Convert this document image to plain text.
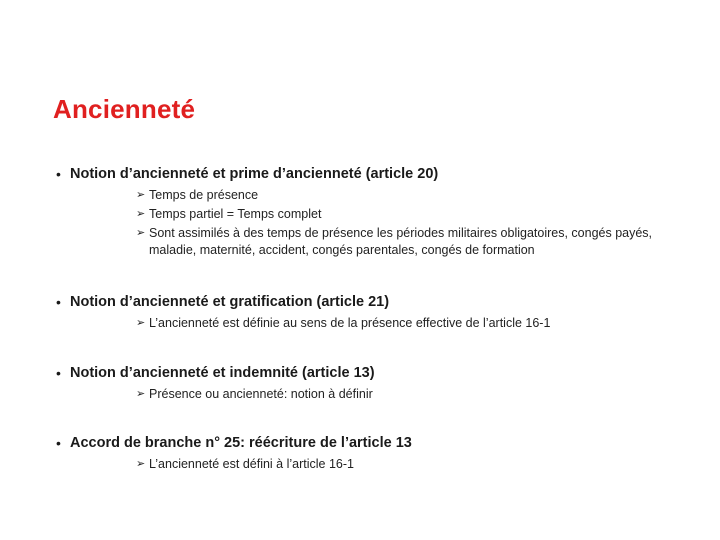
Ancienneté
• Notion d’ancienneté et prime d’ancienneté (article 20)
➢ Temps de présence
➢ Temps partiel = Temps complet
➢ Sont assimilés à des temps de présence les périodes militaires obligatoires, congés payés, maladie, maternité, accident, congés parentales, congés de formation
• Notion d’ancienneté et gratification (article 21)
➢ L’ancienneté est définie au sens de la présence effective de l’article 16-1
• Notion d’ancienneté et indemnité (article 13)
➢ Présence ou ancienneté: notion à définir
• Accord de branche n° 25: réécriture de l’article 13
➢ L’ancienneté est défini à l’article 16-1
